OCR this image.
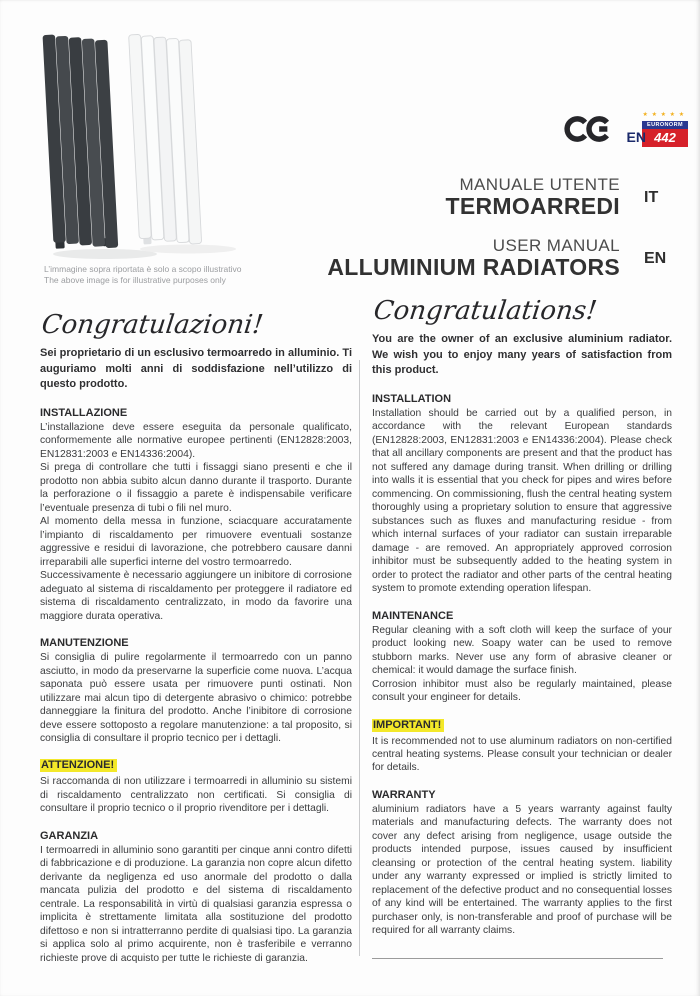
L’immagine sopra riportata è solo a scopo illustrativo
The above image is for illustrative purposes only
★ ★ ★ ★ ★
EN
EURONORM
442
MANUALE UTENTE
TERMOARREDI IT
USER MANUAL
ALLUMINIUM RADIATORS EN
Congratulazioni!
Sei proprietario di un esclusivo termoarredo in alluminio. Ti auguriamo molti anni di soddisfazione nell’utilizzo di questo prodotto.
INSTALLAZIONE

L’installazione deve essere eseguita da personale qualificato, conformemente alle normative europee pertinenti (EN12828:2003, EN12831:2003 e EN14336:2004).

Si prega di controllare che tutti i fissaggi siano presenti e che il prodotto non abbia subito alcun danno durante il trasporto. Durante la perforazione o il fissaggio a parete è indispensabile verificare l’eventuale presenza di tubi o fili nel muro.

Al momento della messa in funzione, sciacquare accuratamente l’impianto di riscaldamento per rimuovere eventuali sostanze aggressive e residui di lavorazione, che potrebbero causare danni irreparabili alle superfici interne del vostro termoarredo.

Successivamente è necessario aggiungere un inibitore di corrosione adeguato al sistema di riscaldamento per proteggere il radiatore ed sistema di riscaldamento centralizzato, in modo da favorire una maggiore durata operativa.

MANUTENZIONE

Si consiglia di pulire regolarmente il termoarredo con un panno asciutto, in modo da preservarne la superficie come nuova. L’acqua saponata può essere usata per rimuovere punti ostinati. Non utilizzare mai alcun tipo di detergente abrasivo o chimico: potrebbe danneggiare la finitura del prodotto. Anche l’inibitore di corrosione deve essere sottoposto a regolare manutenzione: a tal proposito, si consiglia di consultare il proprio tecnico per i dettagli.

ATTENZIONE!

Si raccomanda di non utilizzare i termoarredi in alluminio su sistemi di riscaldamento centralizzato non certificati. Si consiglia di consultare il proprio tecnico o il proprio rivenditore per i dettagli.

GARANZIA

I termoarredi in alluminio sono garantiti per cinque anni contro difetti di fabbricazione e di produzione. La garanzia non copre alcun difetto derivante da negligenza ed uso anormale del prodotto o dalla mancata pulizia del prodotto e del sistema di riscaldamento centrale. La responsabilità in virtù di qualsiasi garanzia espressa o implicita è strettamente limitata alla sostituzione del prodotto difettoso e non si intratterranno perdite di qualsiasi tipo. La garanzia si applica solo al primo acquirente, non è trasferibile e verranno richieste prove di acquisto per tutte le richieste di garanzia.

Congratulations!
You are the owner of an exclusive aluminium radiator. We wish you to enjoy many years of satisfaction from this product.
INSTALLATION

Installation should be carried out by a qualified person, in accordance with the relevant European standards (EN12828:2003, EN12831:2003 e EN14336:2004). Please check that all ancillary components are present and that the product has not suffered any damage during transit. When drilling or drilling into walls it is essential that you check for pipes and wires before commencing. On commissioning, flush the central heating system thoroughly using a proprietary solution to ensure that aggressive substances such as fluxes and manufacturing residue - from which internal surfaces of your radiator can sustain irreparable damage - are removed. An appropriately approved corrosion inhibitor must be subsequently added to the heating system in order to protect the radiator and other parts of the central heating system to promote extending operation lifespan.

MAINTENANCE

Regular cleaning with a soft cloth will keep the surface of your product looking new. Soapy water can be used to remove stubborn marks. Never use any form of abrasive cleaner or chemical: it would damage the surface finish.

Corrosion inhibitor must also be regularly maintained, please consult your engineer for details.

IMPORTANT!

It is recommended not to use aluminum radiators on non-certified central heating systems. Please consult your technician or dealer for details.

WARRANTY

aluminium radiators have a 5 years warranty against faulty materials and manufacturing defects. The warranty does not cover any defect arising from negligence, usage outside the products intended purpose, issues caused by insufficient cleansing or protection of the central heating system. liability under any warranty expressed or implied is strictly limited to replacement of the defective product and no consequential losses of any kind will be entertained. The warranty applies to the first purchaser only, is non-transferable and proof of purchase will be required for all warranty claims.
